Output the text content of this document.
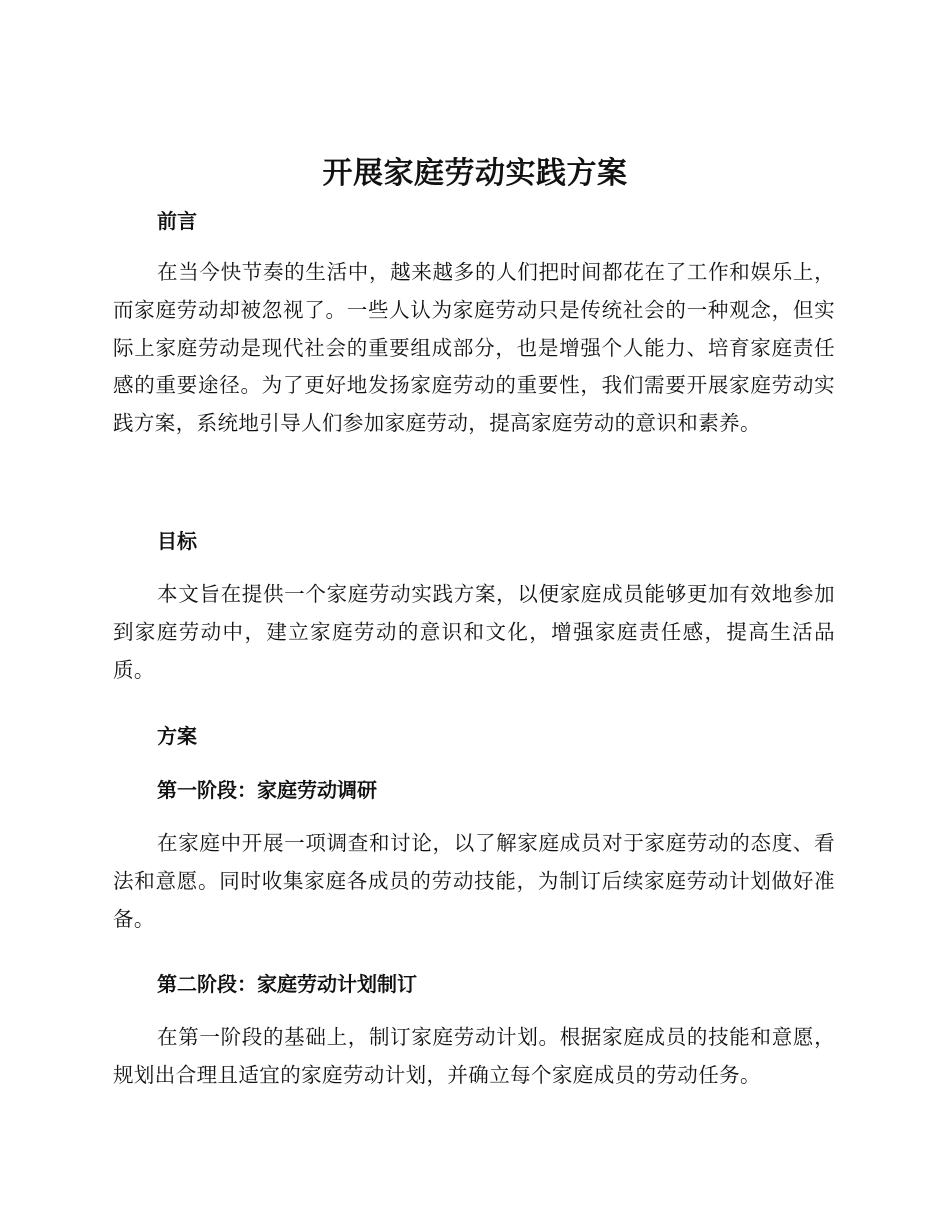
开展家庭劳动实践方案
前言
在当今快节奏的生活中，越来越多的人们把时间都花在了工作和娱乐上，而家庭劳动却被忽视了。一些人认为家庭劳动只是传统社会的一种观念，但实际上家庭劳动是现代社会的重要组成部分，也是增强个人能力、培育家庭责任感的重要途径。为了更好地发扬家庭劳动的重要性，我们需要开展家庭劳动实践方案，系统地引导人们参加家庭劳动，提高家庭劳动的意识和素养。
目标
本文旨在提供一个家庭劳动实践方案，以便家庭成员能够更加有效地参加到家庭劳动中，建立家庭劳动的意识和文化，增强家庭责任感，提高生活品质。
方案
第一阶段：家庭劳动调研
在家庭中开展一项调查和讨论，以了解家庭成员对于家庭劳动的态度、看法和意愿。同时收集家庭各成员的劳动技能，为制订后续家庭劳动计划做好准备。
第二阶段：家庭劳动计划制订
在第一阶段的基础上，制订家庭劳动计划。根据家庭成员的技能和意愿，规划出合理且适宜的家庭劳动计划，并确立每个家庭成员的劳动任务。
